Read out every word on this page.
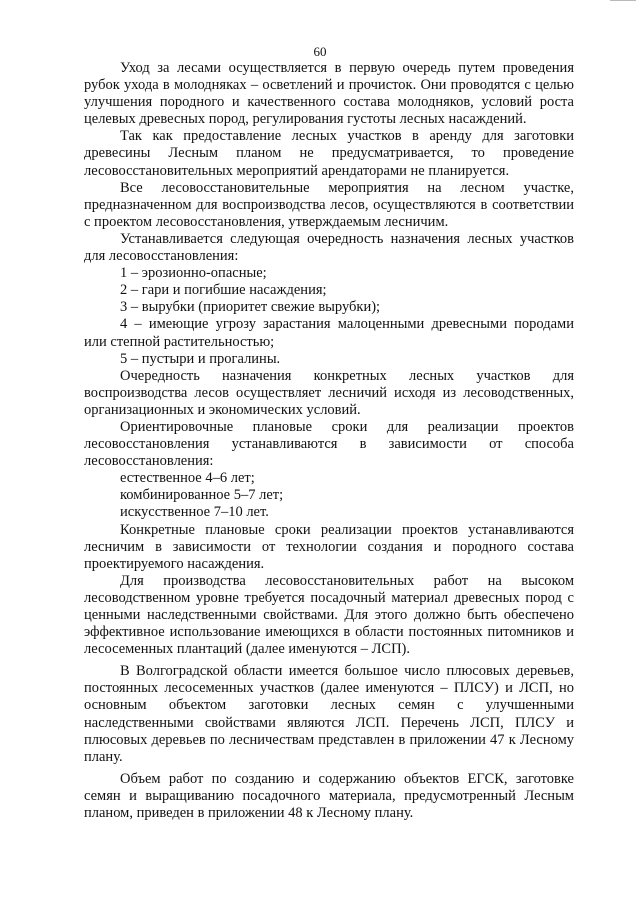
60

Уход за лесами осуществляется в первую очередь путем проведения рубок ухода в молодняках – осветлений и прочисток. Они проводятся с целью улучшения породного и качественного состава молодняков, условий роста целевых древесных пород, регулирования густоты лесных насаждений.

Так как предоставление лесных участков в аренду для заготовки древесины Лесным планом не предусматривается, то проведение лесовосстановительных мероприятий арендаторами не планируется.

Все лесовосстановительные мероприятия на лесном участке, предназначенном для воспроизводства лесов, осуществляются в соответствии с проектом лесовосстановления, утверждаемым лесничим.

Устанавливается следующая очередность назначения лесных участков для лесовосстановления:

1 – эрозионно-опасные;

2 – гари и погибшие насаждения;

3 – вырубки (приоритет свежие вырубки);

4 – имеющие угрозу зарастания малоценными древесными породами или степной растительностью;

5 – пустыри и прогалины.

Очередность назначения конкретных лесных участков для воспроизводства лесов осуществляет лесничий исходя из лесоводственных, организационных и экономических условий.

Ориентировочные плановые сроки для реализации проектов лесовосстановления устанавливаются в зависимости от способа лесовосстановления:

естественное 4–6 лет;

комбинированное 5–7 лет;

искусственное 7–10 лет.

Конкретные плановые сроки реализации проектов устанавливаются лесничим в зависимости от технологии создания и породного состава проектируемого насаждения.

Для производства лесовосстановительных работ на высоком лесоводственном уровне требуется посадочный материал древесных пород с ценными наследственными свойствами. Для этого должно быть обеспечено эффективное использование имеющихся в области постоянных питомников и лесосеменных плантаций (далее именуются – ЛСП).

В Волгоградской области имеется большое число плюсовых деревьев, постоянных лесосеменных участков (далее именуются – ПЛСУ) и ЛСП, но основным объектом заготовки лесных семян с улучшенными наследственными свойствами являются ЛСП. Перечень ЛСП, ПЛСУ и плюсовых деревьев по лесничествам представлен в приложении 47 к Лесному плану.

Объем работ по созданию и содержанию объектов ЕГСК, заготовке семян и выращиванию посадочного материала, предусмотренный Лесным планом, приведен в приложении 48 к Лесному плану.
